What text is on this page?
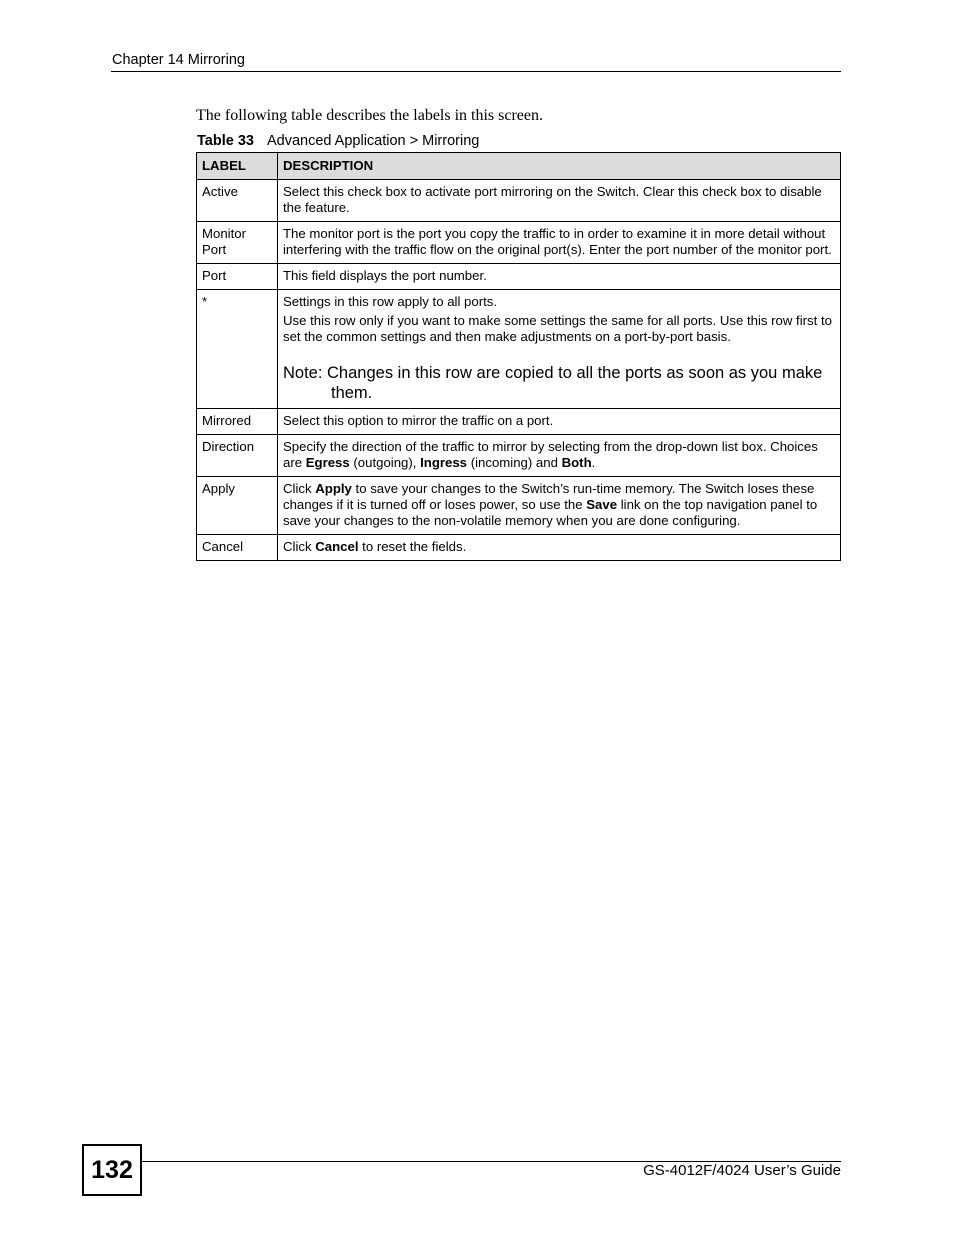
Chapter 14 Mirroring
The following table describes the labels in this screen.
Table 33 Advanced Application > Mirroring
LABEL	DESCRIPTION
Active	Select this check box to activate port mirroring on the Switch. Clear this check box to disable the feature.

Monitor Port	The monitor port is the port you copy the traffic to in order to examine it in more detail without interfering with the traffic flow on the original port(s). Enter the port number of the monitor port.

Port	This field displays the port number.

*	Settings in this row apply to all ports.

Use this row only if you want to make some settings the same for all ports. Use this row first to set the common settings and then make adjustments on a port-by-port basis.

Note: Changes in this row are copied to all the ports as soon as you make them.

Mirrored	Select this option to mirror the traffic on a port.

Direction	Specify the direction of the traffic to mirror by selecting from the drop-down list box. Choices are Egress (outgoing), Ingress (incoming) and Both.

Apply	Click Apply to save your changes to the Switch’s run-time memory. The Switch loses these changes if it is turned off or loses power, so use the Save link on the top navigation panel to save your changes to the non-volatile memory when you are done configuring.

Cancel	Click Cancel to reset the fields.

132	GS-4012F/4024 User’s Guide
